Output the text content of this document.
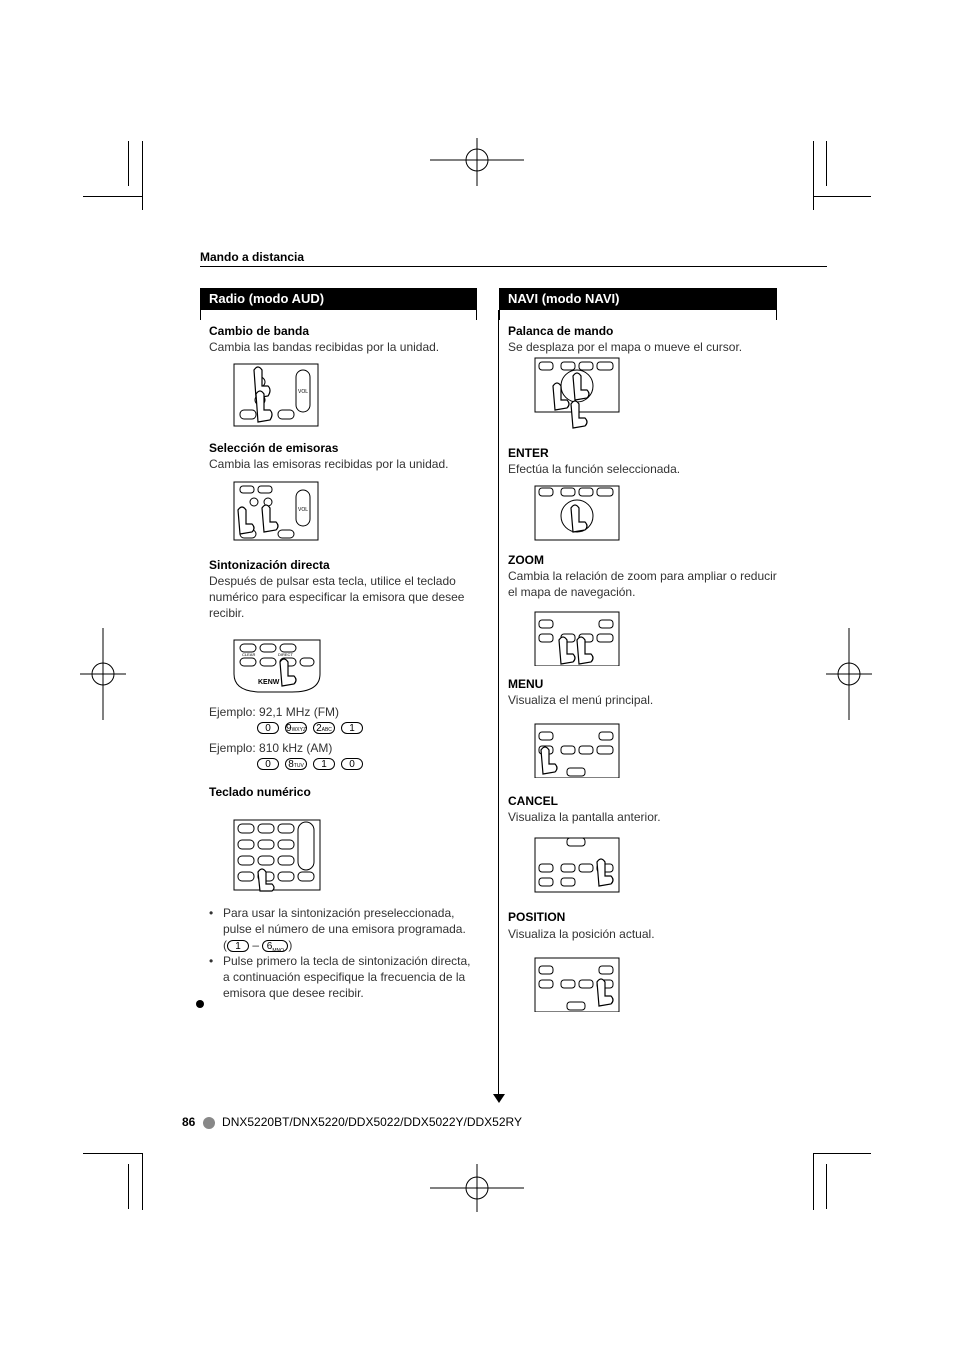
Mando a distancia
Radio (modo AUD)
Cambio de banda
Cambia las bandas recibidas por la unidad.
VOL
Selección de emisoras
Cambia las emisoras recibidas por la unidad.
VOL
Sintonización directa
Después de pulsar esta tecla, utilice el teclado numérico para especificar la emisora que desee recibir.
CLEAR	DIRECT
KENW
Ejemplo: 92,1 MHz (FM)
0 9WXYZ 2ABC 1
Ejemplo: 810 kHz (AM)
0 8TUV 1 0
Teclado numérico
• Para usar la sintonización preseleccionada, pulse el número de una emisora programada.
( $1 - 6_{MNO}$ )
• Pulse primero la tecla de sintonización directa, a continuación especifique la frecuencia de la emisora que desee recibir.
NAVI (modo NAVI)
Palanca de mando
Se desplaza por el mapa o mueve el cursor.
ENTER
Efectúa la función seleccionada.
ZOOM
Cambia la relación de zoom para ampliar o reducir el mapa de navegación.
MENU
Visualiza el menú principal.
CANCEL
Visualiza la pantalla anterior.
POSITION
Visualiza la posición actual.
86 DNX5220BT/DNX5220/DDX5022/DDX5022Y/DDX52RY
